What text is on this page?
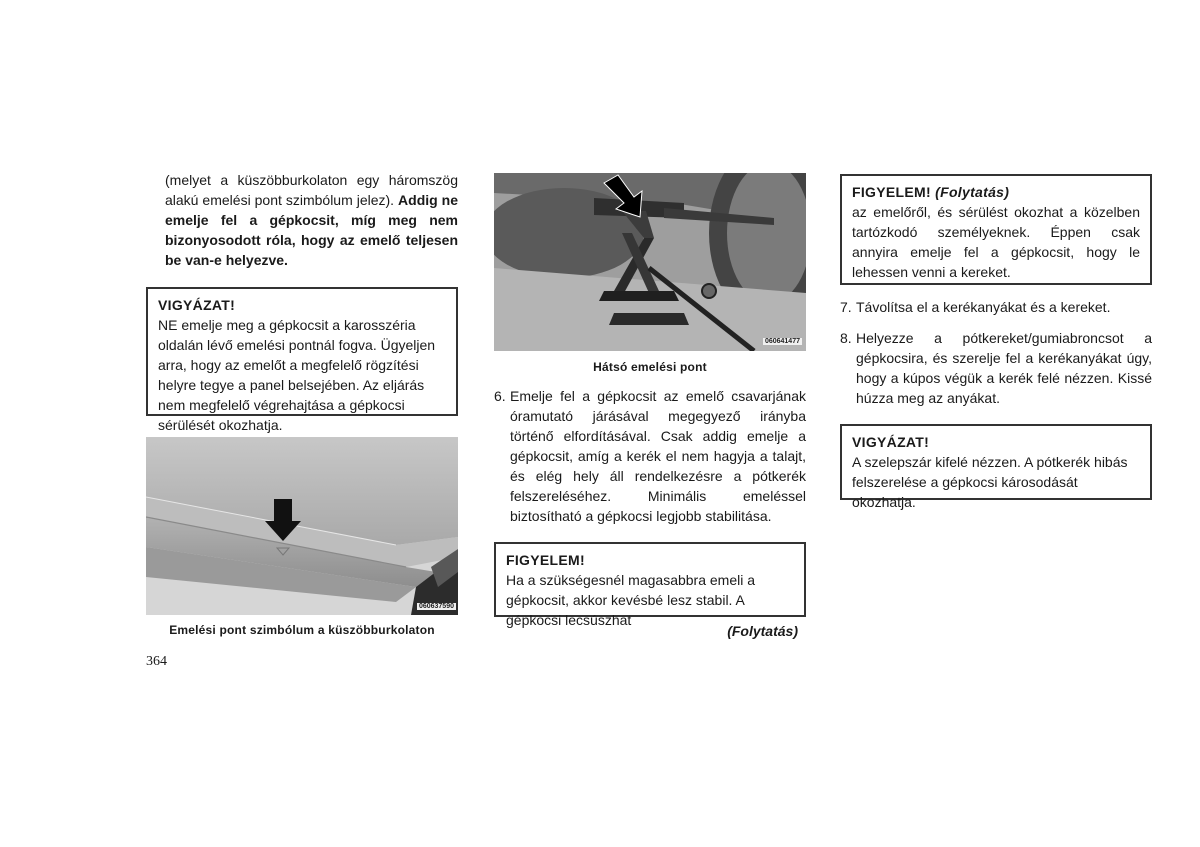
(melyet a küszöbburkolaton egy háromszög alakú emelési pont szimbólum jelez). Addig ne emelje fel a gépkocsit, míg meg nem bizonyosodott róla, hogy az emelő teljesen be van-e helyezve.
VIGYÁZAT!
NE emelje meg a gépkocsit a karosszéria oldalán lévő emelési pontnál fogva. Ügyeljen arra, hogy az emelőt a megfelelő rögzítési helyre tegye a panel belsejében. Az eljárás nem megfelelő végrehajtása a gépkocsi sérülését okozhatja.
060637590
Emelési pont szimbólum a küszöbburkolaton
364
060641477
Hátsó emelési pont
6. Emelje fel a gépkocsit az emelő csavarjának óramutató járásával megegyező irányba történő elfordításával. Csak addig emelje a gépkocsit, amíg a kerék el nem hagyja a talajt, és elég hely áll rendelkezésre a pótkerék felszereléséhez. Minimális emeléssel biztosítható a gépkocsi legjobb stabilitása.
FIGYELEM!
Ha a szükségesnél magasabbra emeli a gépkocsit, akkor kevésbé lesz stabil. A gépkocsi lecsúszhat
(Folytatás)
FIGYELEM! (Folytatás)
az emelőről, és sérülést okozhat a közelben tartózkodó személyeknek. Éppen csak annyira emelje fel a gépkocsit, hogy le lehessen venni a kereket.
7. Távolítsa el a kerékanyákat és a kereket.
8. Helyezze a pótkereket/gumiabroncsot a gépkocsira, és szerelje fel a kerékanyákat úgy, hogy a kúpos végük a kerék felé nézzen. Kissé húzza meg az anyákat.
VIGYÁZAT!
A szelepszár kifelé nézzen. A pótkerék hibás felszerelése a gépkocsi károsodását okozhatja.
